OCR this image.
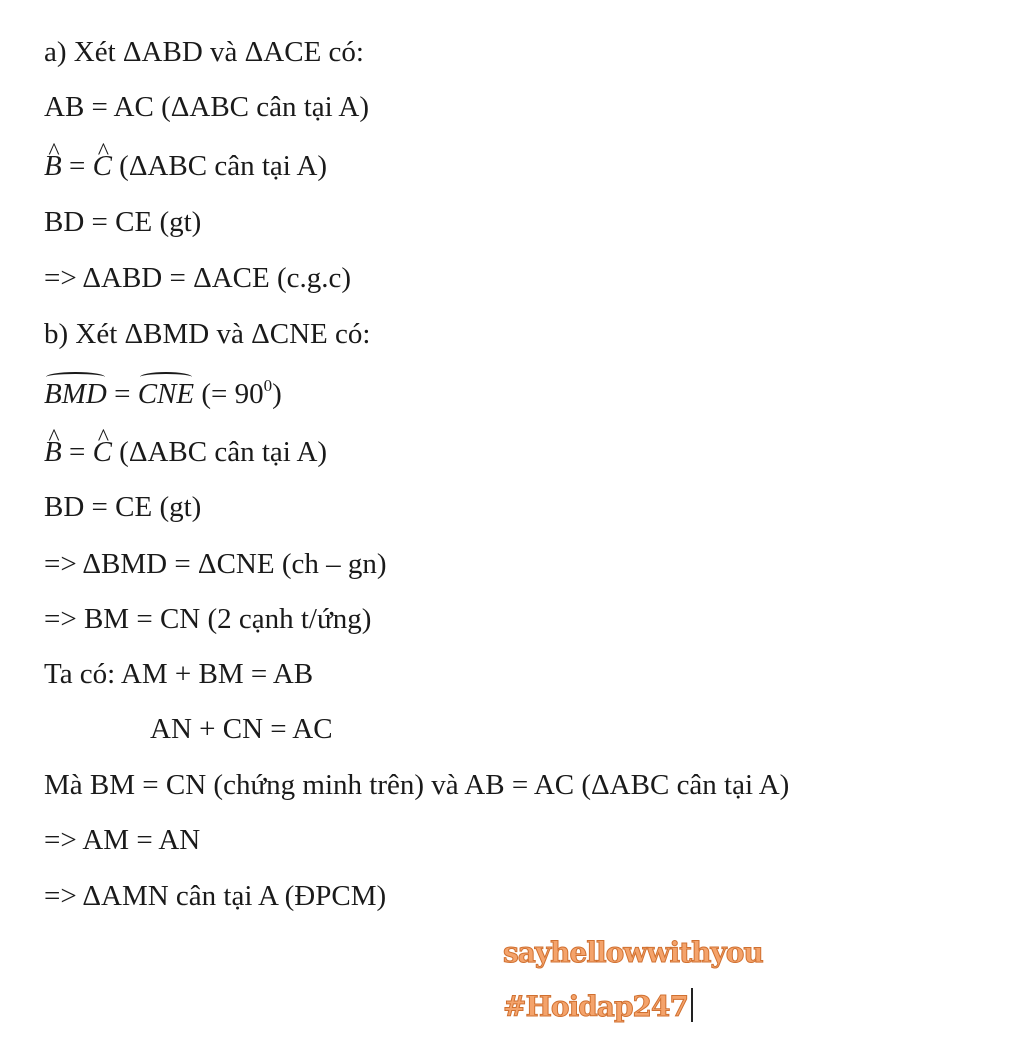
a) Xét ΔABD và ΔACE có:
AB = AC (ΔABC cân tại A)
^ B = ^ C (ΔABC cân tại A)
BD = CE (gt)
=> ΔABD = ΔACE (c.g.c)
b) Xét ΔBMD và ΔCNE có:
BMD = CNE (= $90^0$)
^ B = ^ C (ΔABC cân tại A)
BD = CE (gt)
=> ΔBMD = ΔCNE (ch – gn)
=> BM = CN (2 cạnh t/ứng)
Ta có: AM + BM = AB
AN + CN = AC
Mà BM = CN (chứng minh trên) và AB = AC (ΔABC cân tại A)
=> AM = AN
=> ΔAMN cân tại A (ĐPCM)
sayhellowwithyou
#Hoidap247
